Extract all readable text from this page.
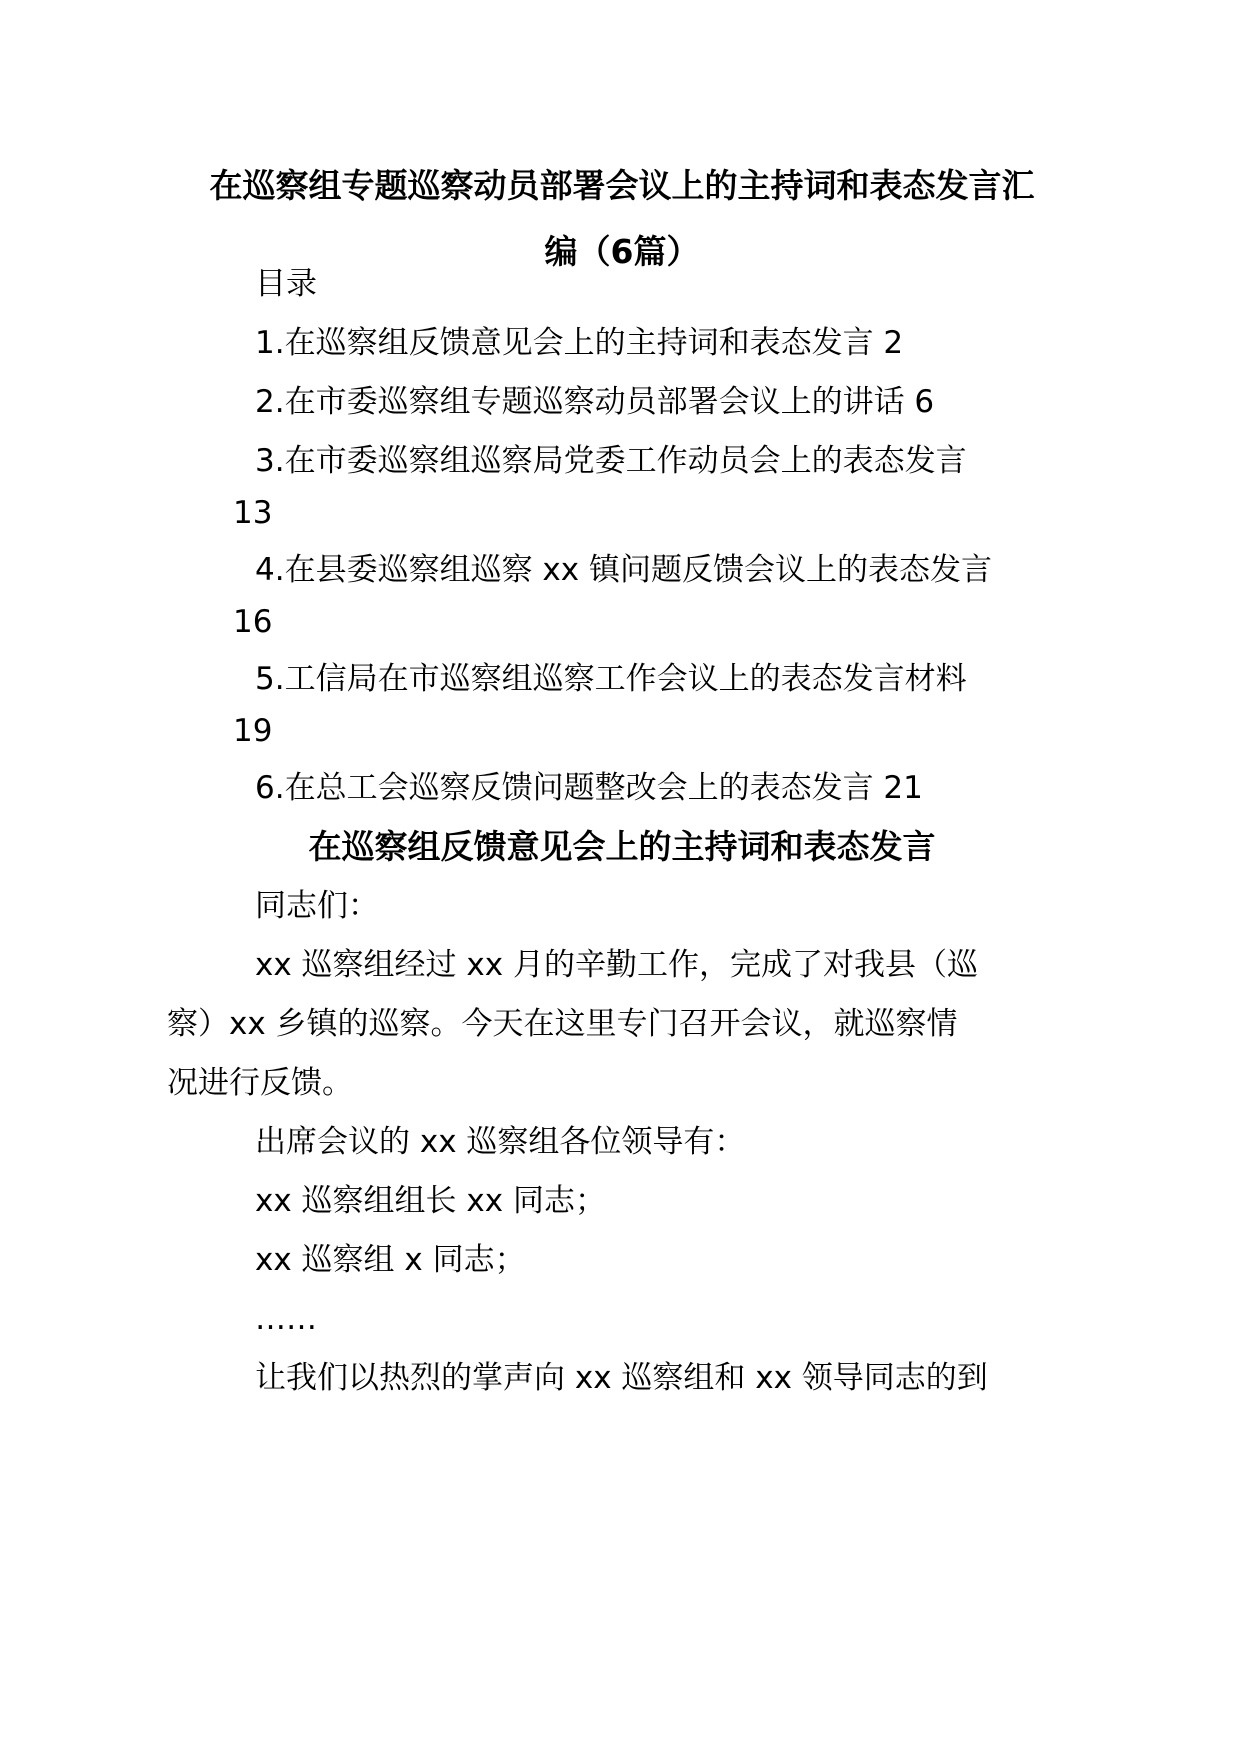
在巡察组专题巡察动员部署会议上的主持词和表态发言汇

编（6篇）

目录

1.在巡察组反馈意见会上的主持词和表态发言 2

2.在市委巡察组专题巡察动员部署会议上的讲话 6

3.在市委巡察组巡察局党委工作动员会上的表态发言

13

4.在县委巡察组巡察 xx 镇问题反馈会议上的表态发言

16

5.工信局在市巡察组巡察工作会议上的表态发言材料

19

6.在总工会巡察反馈问题整改会上的表态发言 21

在巡察组反馈意见会上的主持词和表态发言

同志们：

xx 巡察组经过 xx 月的辛勤工作，完成了对我县（巡

察）xx 乡镇的巡察。今天在这里专门召开会议，就巡察情

况进行反馈。

出席会议的 xx 巡察组各位领导有：

xx 巡察组组长 xx 同志；

xx 巡察组 x 同志；

……

让我们以热烈的掌声向 xx 巡察组和 xx 领导同志的到
